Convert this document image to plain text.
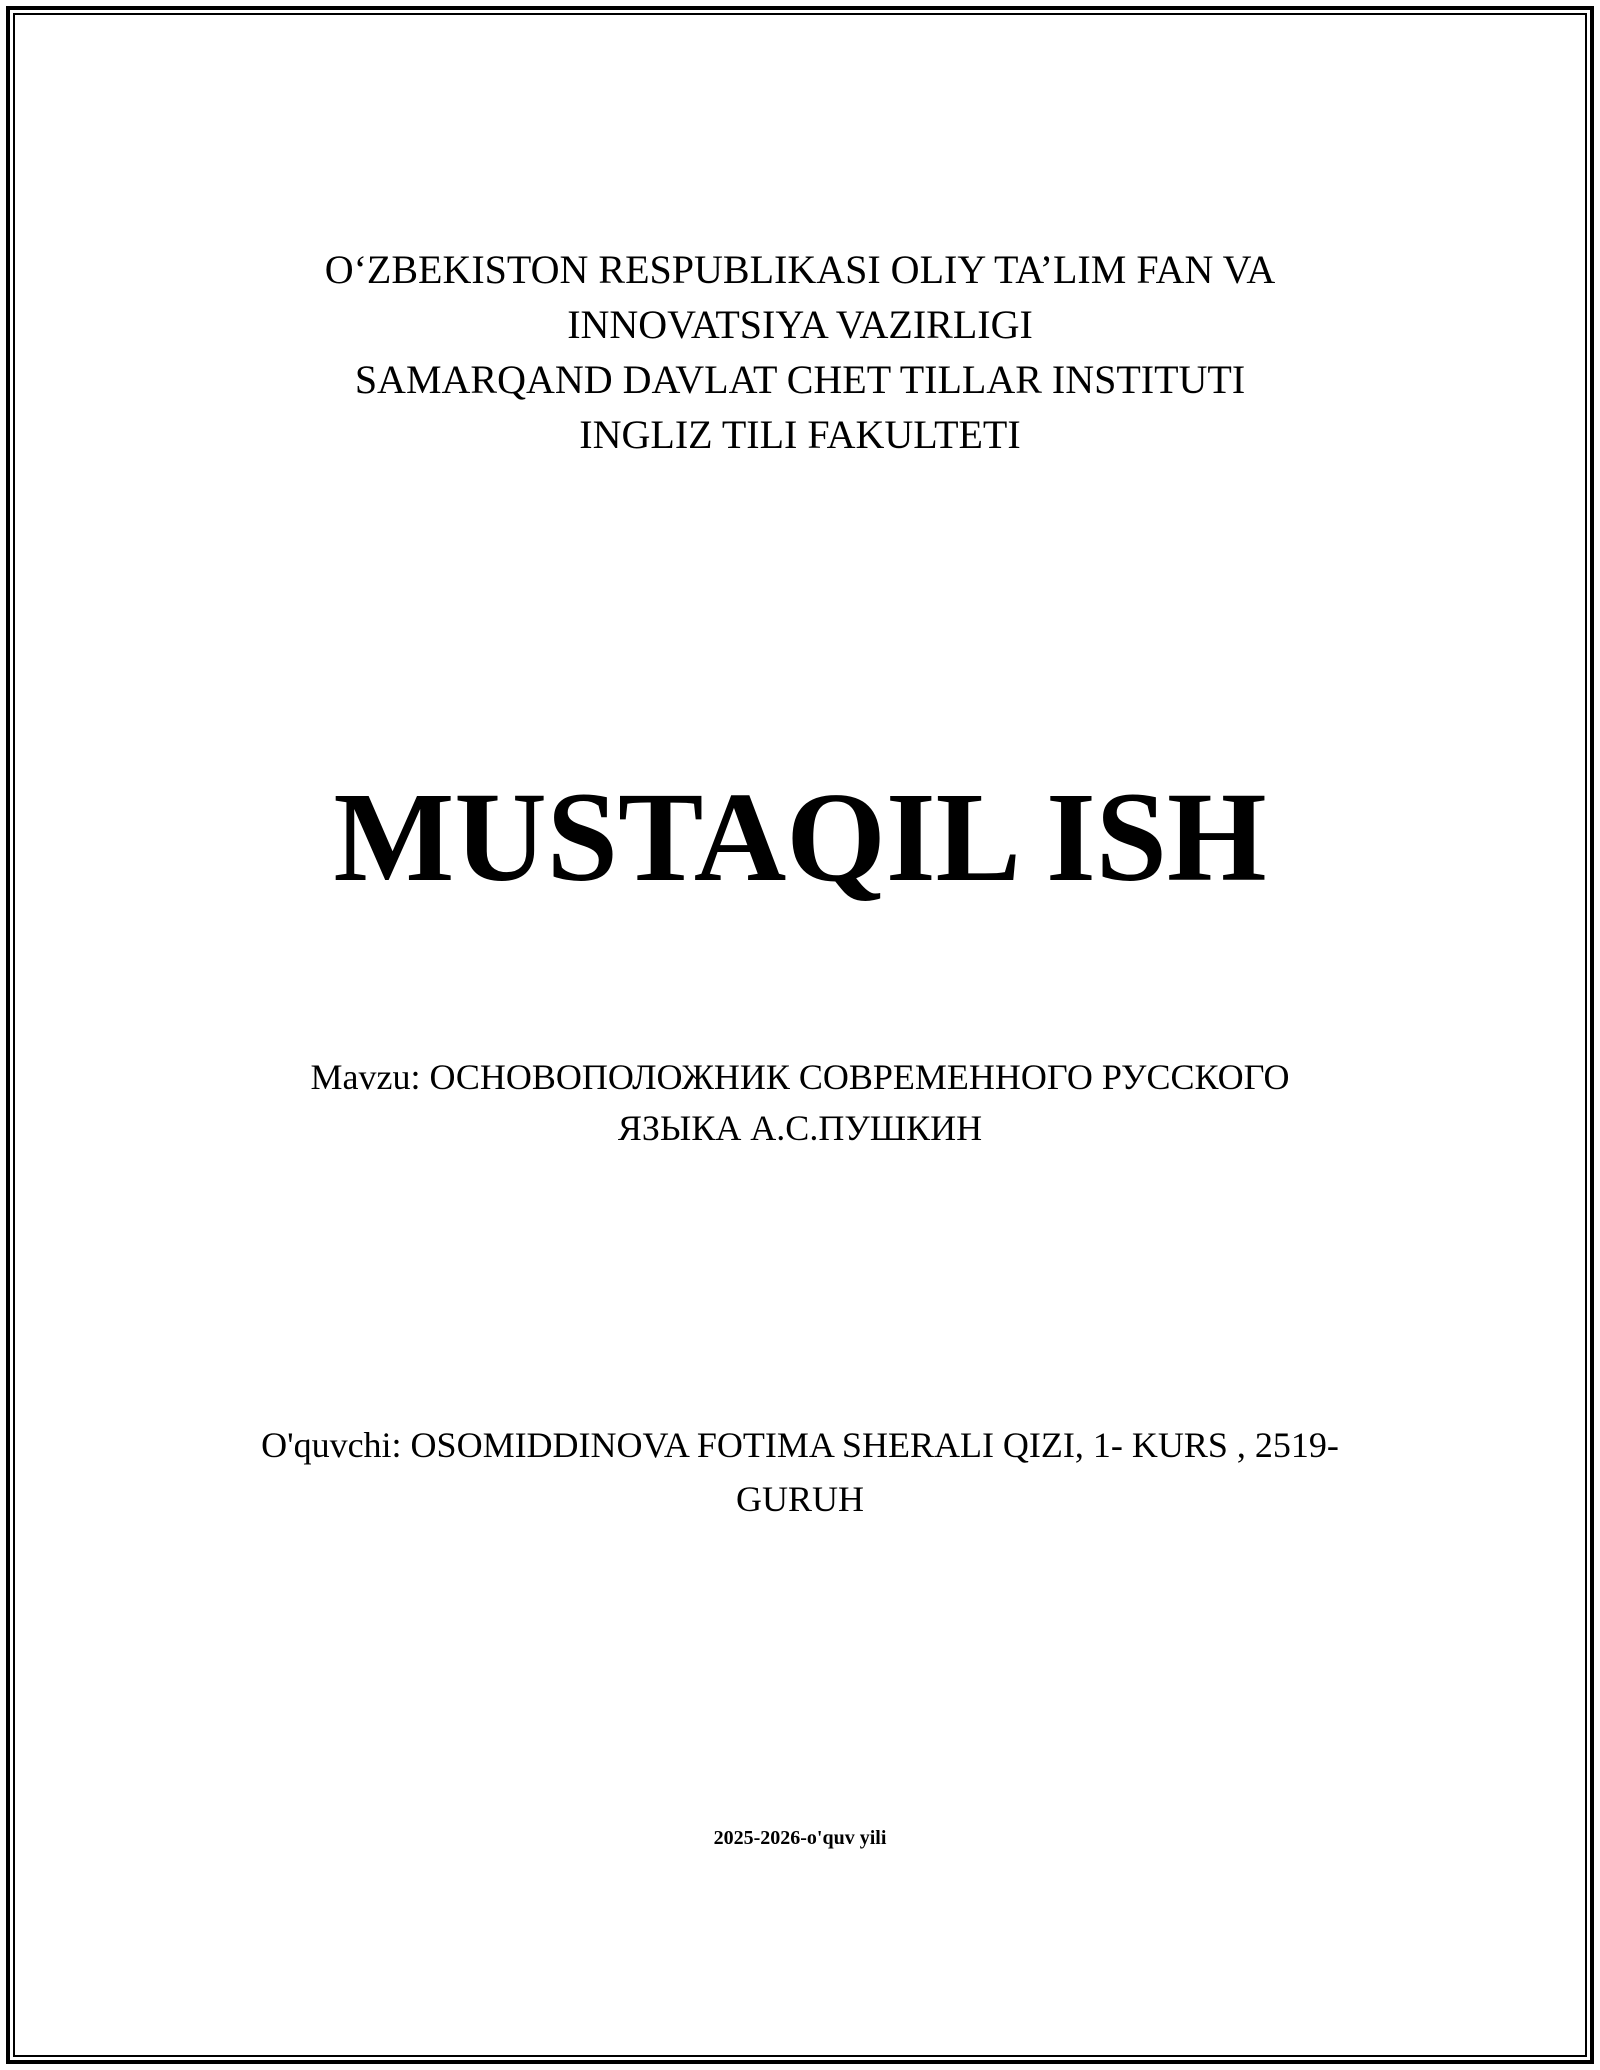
O‘ZBEKISTON RESPUBLIKASI OLIY TA’LIM FAN VA
INNOVATSIYA VAZIRLIGI
SAMARQAND DAVLAT CHET TILLAR INSTITUTI
INGLIZ TILI FAKULTETI
MUSTAQIL ISH
Mavzu: ОСНОВОПОЛОЖНИК СОВРЕМЕННОГО РУССКОГО
ЯЗЫКА А.С.ПУШКИН
O'quvchi: OSOMIDDINOVA FOTIMA SHERALI QIZI, 1- KURS , 2519-
GURUH
2025-2026-o'quv yili
